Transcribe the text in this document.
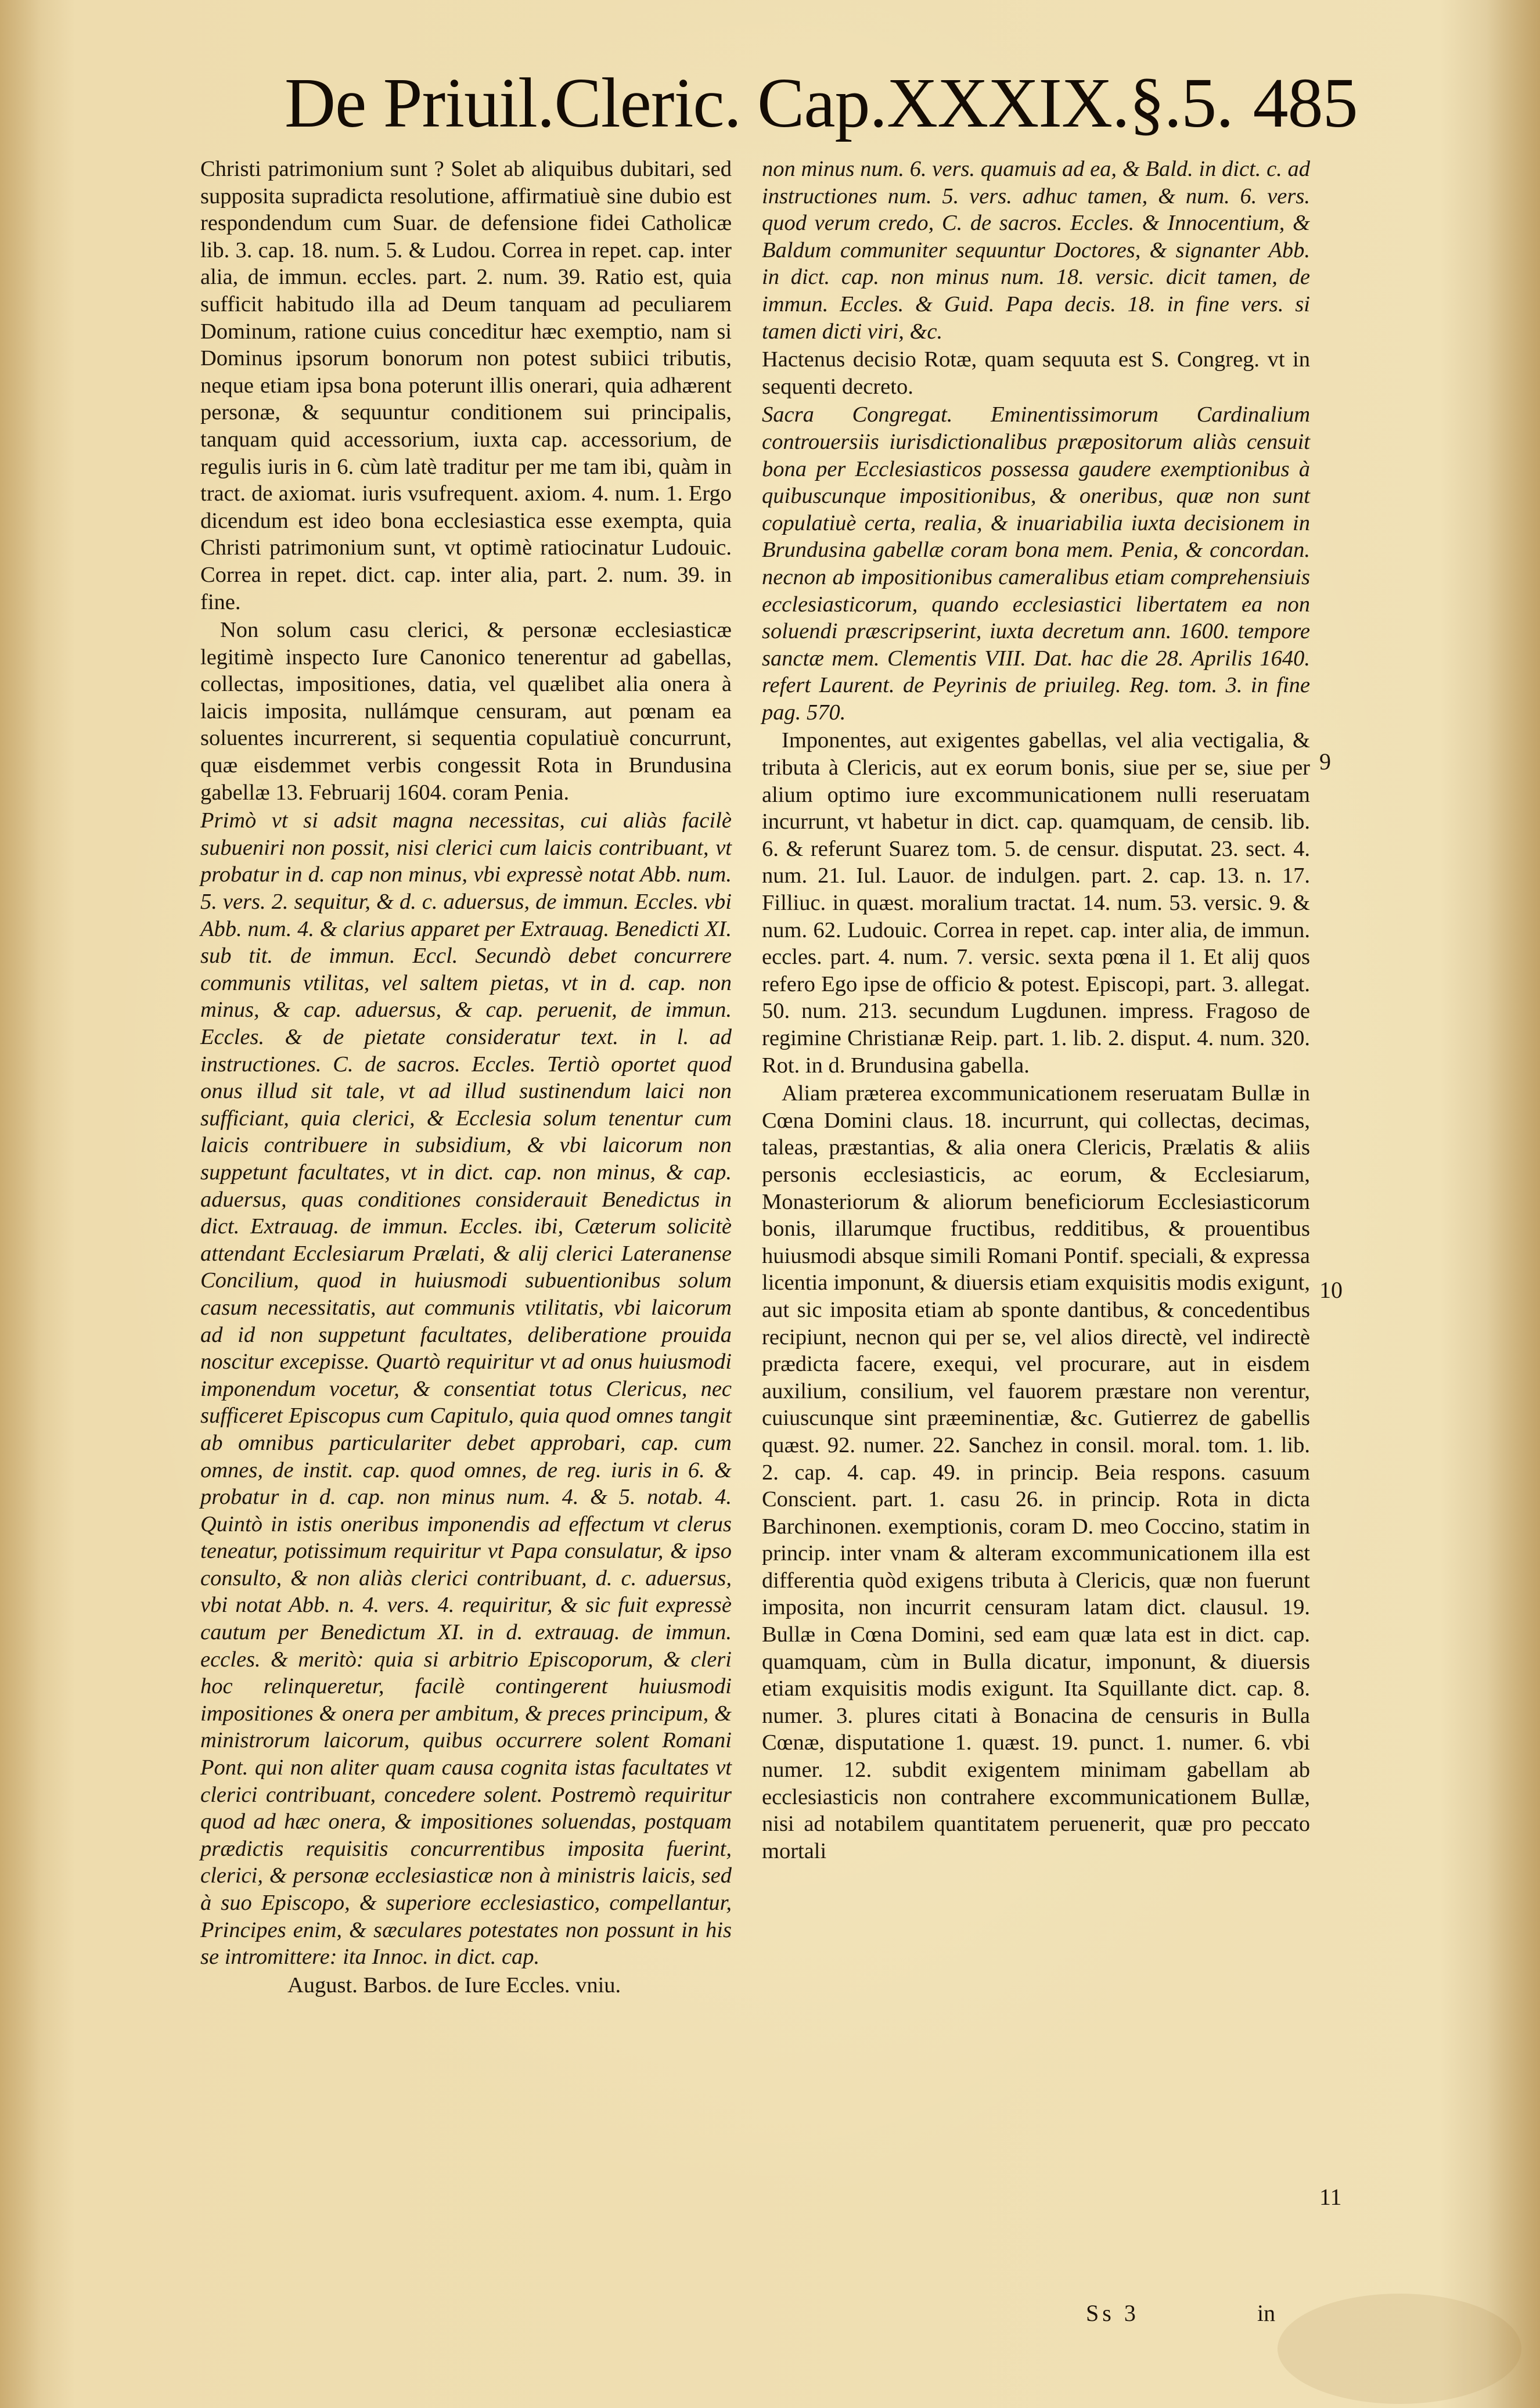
De Priuil.Cleric. Cap.XXXIX.§.5. 485

Christi patrimonium sunt ? Solet ab aliquibus dubitari, sed supposita supradicta resolutione, affirmatiuè sine dubio est respondendum cum Suar. de defensione fidei Catholicæ lib. 3. cap. 18. num. 5. & Ludou. Correa in repet. cap. inter alia, de immun. eccles. part. 2. num. 39. Ratio est, quia sufficit habitudo illa ad Deum tanquam ad peculiarem Dominum, ratione cuius conceditur hæc exemptio, nam si Dominus ipsorum bonorum non potest subiici tributis, neque etiam ipsa bona poterunt illis onerari, quia adhærent personæ, & sequuntur conditionem sui principalis, tanquam quid accessorium, iuxta cap. accessorium, de regulis iuris in 6. cùm latè traditur per me tam ibi, quàm in tract. de axiomat. iuris vsufrequent. axiom. 4. num. 1. Ergo dicendum est ideo bona ecclesiastica esse exempta, quia Christi patrimonium sunt, vt optimè ratiocinatur Ludouic. Correa in repet. dict. cap. inter alia, part. 2. num. 39. in fine.

Non solum casu clerici, & personæ ecclesiasticæ legitimè inspecto Iure Canonico tenerentur ad gabellas, collectas, impositiones, datia, vel quælibet alia onera à laicis imposita, nullámque censuram, aut pœnam ea soluentes incurrerent, si sequentia copulatiuè concurrunt, quæ eisdemmet verbis congessit Rota in Brundusina gabellæ 13. Februarij 1604. coram Penia.

Primò vt si adsit magna necessitas, cui aliàs facilè subueniri non possit, nisi clerici cum laicis contribuant, vt probatur in d. cap non minus, vbi expressè notat Abb. num. 5. vers. 2. sequitur, & d. c. aduersus, de immun. Eccles. vbi Abb. num. 4. & clarius apparet per Extrauag. Benedicti XI. sub tit. de immun. Eccl. Secundò debet concurrere communis vtilitas, vel saltem pietas, vt in d. cap. non minus, & cap. aduersus, & cap. peruenit, de immun. Eccles. & de pietate consideratur text. in l. ad instructiones. C. de sacros. Eccles. Tertiò oportet quod onus illud sit tale, vt ad illud sustinendum laici non sufficiant, quia clerici, & Ecclesia solum tenentur cum laicis contribuere in subsidium, & vbi laicorum non suppetunt facultates, vt in dict. cap. non minus, & cap. aduersus, quas conditiones considerauit Benedictus in dict. Extrauag. de immun. Eccles. ibi, Cæterum solicitè attendant Ecclesiarum Prælati, & alij clerici Lateranense Concilium, quod in huiusmodi subuentionibus solum casum necessitatis, aut communis vtilitatis, vbi laicorum ad id non suppetunt facultates, deliberatione prouida noscitur excepisse. Quartò requiritur vt ad onus huiusmodi imponendum vocetur, & consentiat totus Clericus, nec sufficeret Episcopus cum Capitulo, quia quod omnes tangit ab omnibus particulariter debet approbari, cap. cum omnes, de instit. cap. quod omnes, de reg. iuris in 6. & probatur in d. cap. non minus num. 4. & 5. notab. 4. Quintò in istis oneribus imponendis ad effectum vt clerus teneatur, potissimum requiritur vt Papa consulatur, & ipso consulto, & non aliàs clerici contribuant, d. c. aduersus, vbi notat Abb. n. 4. vers. 4. requiritur, & sic fuit expressè cautum per Benedictum XI. in d. extrauag. de immun. eccles. & meritò: quia si arbitrio Episcoporum, & cleri hoc relinqueretur, facilè contingerent huiusmodi impositiones & onera per ambitum, & preces principum, & ministrorum laicorum, quibus occurrere solent Romani Pont. qui non aliter quam causa cognita istas facultates vt clerici contribuant, concedere solent. Postremò requiritur quod ad hæc onera, & impositiones soluendas, postquam prædictis requisitis concurrentibus imposita fuerint, clerici, & personæ ecclesiasticæ non à ministris laicis, sed à suo Episcopo, & superiore ecclesiastico, compellantur, Principes enim, & sæculares potestates non possunt in his se intromittere: ita Innoc. in dict. cap.

August. Barbos. de Iure Eccles. vniu.

non minus num. 6. vers. quamuis ad ea, & Bald. in dict. c. ad instructiones num. 5. vers. adhuc tamen, & num. 6. vers. quod verum credo, C. de sacros. Eccles. & Innocentium, & Baldum communiter sequuntur Doctores, & signanter Abb. in dict. cap. non minus num. 18. versic. dicit tamen, de immun. Eccles. & Guid. Papa decis. 18. in fine vers. si tamen dicti viri, &c.

Hactenus decisio Rotæ, quam sequuta est S. Congreg. vt in sequenti decreto.

Sacra Congregat. Eminentissimorum Cardinalium controuersiis iurisdictionalibus præpositorum aliàs censuit bona per Ecclesiasticos possessa gaudere exemptionibus à quibuscunque impositionibus, & oneribus, quæ non sunt copulatiuè certa, realia, & inuariabilia iuxta decisionem in Brundusina gabellæ coram bona mem. Penia, & concordan. necnon ab impositionibus cameralibus etiam comprehensiuis ecclesiasticorum, quando ecclesiastici libertatem ea non soluendi præscripserint, iuxta decretum ann. 1600. tempore sanctæ mem. Clementis VIII. Dat. hac die 28. Aprilis 1640. refert Laurent. de Peyrinis de priuileg. Reg. tom. 3. in fine pag. 570.

Imponentes, aut exigentes gabellas, vel alia vectigalia, & tributa à Clericis, aut ex eorum bonis, siue per se, siue per alium optimo iure excommunicationem nulli reseruatam incurrunt, vt habetur in dict. cap. quamquam, de censib. lib. 6. & referunt Suarez tom. 5. de censur. disputat. 23. sect. 4. num. 21. Iul. Lauor. de indulgen. part. 2. cap. 13. n. 17. Filliuc. in quæst. moralium tractat. 14. num. 53. versic. 9. & num. 62. Ludouic. Correa in repet. cap. inter alia, de immun. eccles. part. 4. num. 7. versic. sexta pœna il 1. Et alij quos refero Ego ipse de officio & potest. Episcopi, part. 3. allegat. 50. num. 213. secundum Lugdunen. impress. Fragoso de regimine Christianæ Reip. part. 1. lib. 2. disput. 4. num. 320. Rot. in d. Brundusina gabella.

Aliam præterea excommunicationem reseruatam Bullæ in Cœna Domini claus. 18. incurrunt, qui collectas, decimas, taleas, præstantias, & alia onera Clericis, Prælatis & aliis personis ecclesiasticis, ac eorum, & Ecclesiarum, Monasteriorum & aliorum beneficiorum Ecclesiasticorum bonis, illarumque fructibus, redditibus, & prouentibus huiusmodi absque simili Romani Pontif. speciali, & expressa licentia imponunt, & diuersis etiam exquisitis modis exigunt, aut sic imposita etiam ab sponte dantibus, & concedentibus recipiunt, necnon qui per se, vel alios directè, vel indirectè prædicta facere, exequi, vel procurare, aut in eisdem auxilium, consilium, vel fauorem præstare non verentur, cuiuscunque sint præeminentiæ, &c. Gutierrez de gabellis quæst. 92. numer. 22. Sanchez in consil. moral. tom. 1. lib. 2. cap. 4. cap. 49. in princip. Beia respons. casuum Conscient. part. 1. casu 26. in princip. Rota in dicta Barchinonen. exemptionis, coram D. meo Coccino, statim in princip. inter vnam & alteram excommunicationem illa est differentia quòd exigens tributa à Clericis, quæ non fuerunt imposita, non incurrit censuram latam dict. clausul. 19. Bullæ in Cœna Domini, sed eam quæ lata est in dict. cap. quamquam, cùm in Bulla dicatur, imponunt, & diuersis etiam exquisitis modis exigunt. Ita Squillante dict. cap. 8. numer. 3. plures citati à Bonacina de censuris in Bulla Cœnæ, disputatione 1. quæst. 19. punct. 1. numer. 6. vbi numer. 12. subdit exigentem minimam gabellam ab ecclesiasticis non contrahere excommunicationem Bullæ, nisi ad notabilem quantitatem peruenerit, quæ pro peccato mortali

9
10
11
Ss 3	in
